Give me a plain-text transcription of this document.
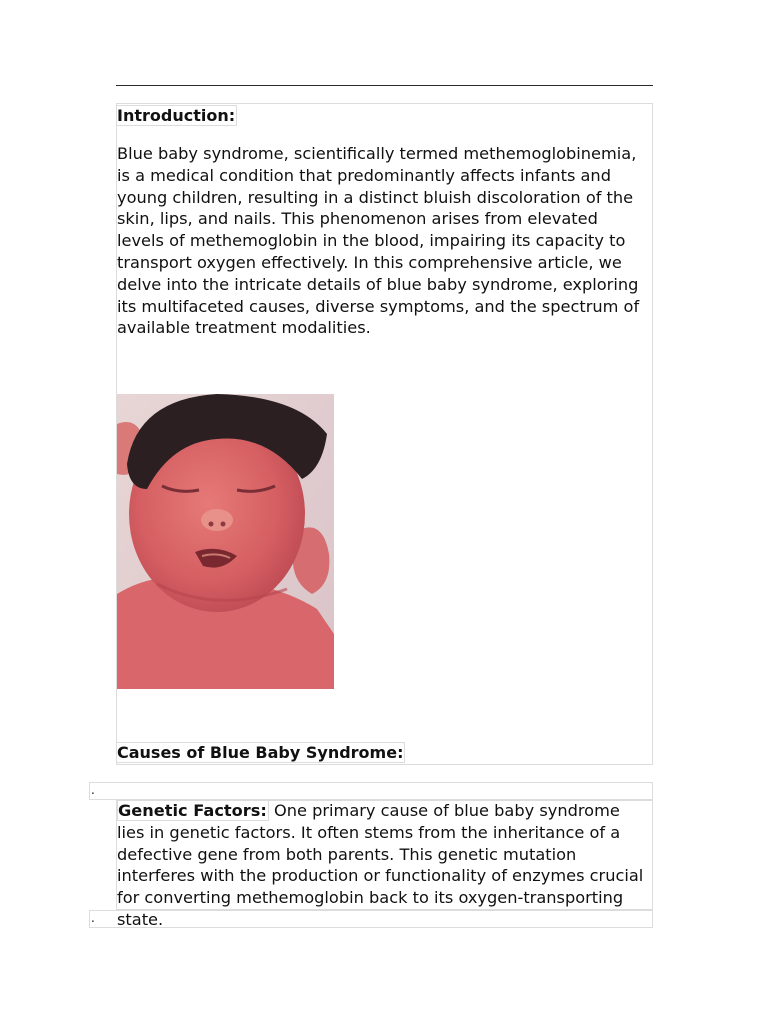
Introduction:
Blue baby syndrome, scientifically termed methemoglobinemia, is a medical condition that predominantly affects infants and young children, resulting in a distinct bluish discoloration of the skin, lips, and nails. This phenomenon arises from elevated levels of methemoglobin in the blood, impairing its capacity to transport oxygen effectively. In this comprehensive article, we delve into the intricate details of blue baby syndrome, exploring its multifaceted causes, diverse symptoms, and the spectrum of available treatment modalities.
Causes of Blue Baby Syndrome:
.
Genetic Factors: One primary cause of blue baby syndrome lies in genetic factors. It often stems from the inheritance of a defective gene from both parents. This genetic mutation interferes with the production or functionality of enzymes crucial for converting methemoglobin back to its oxygen-transporting state.
.
